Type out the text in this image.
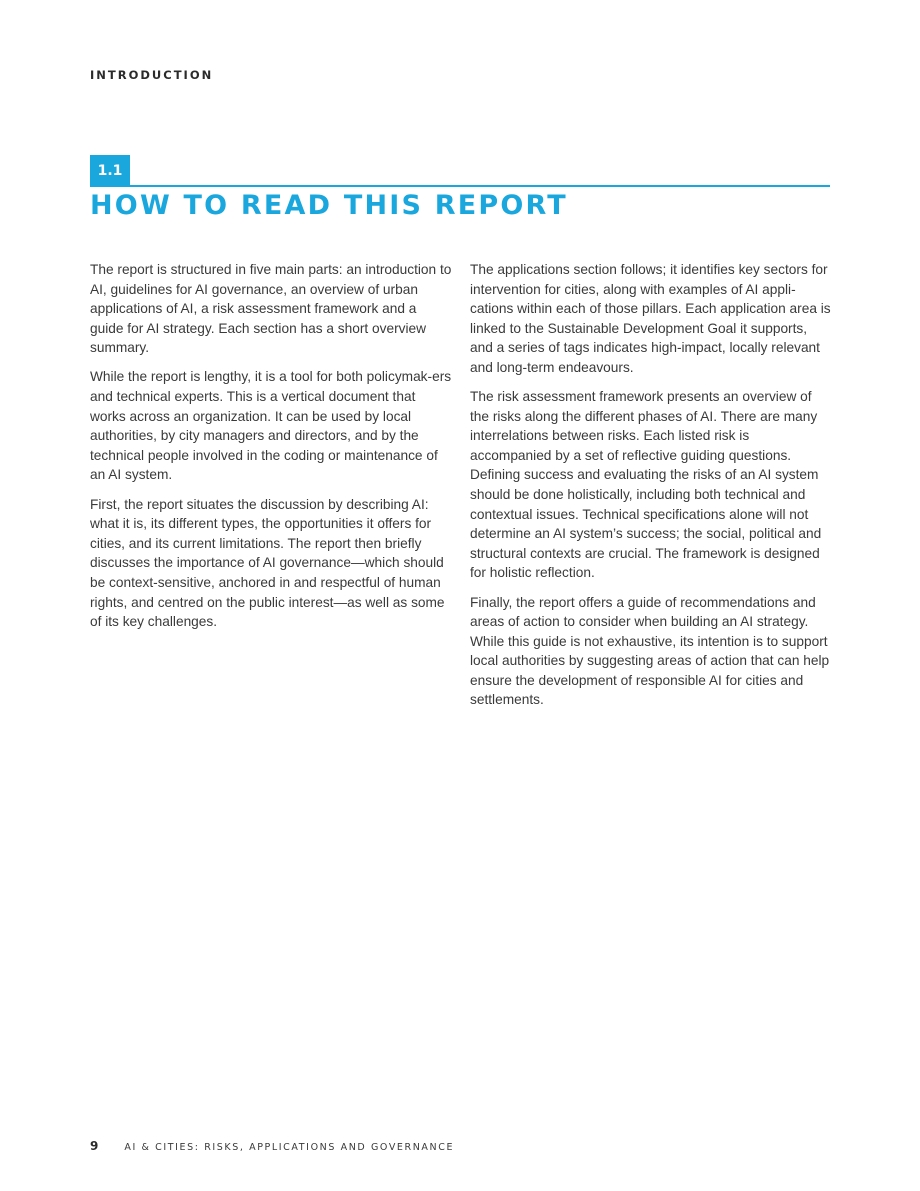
INTRODUCTION
1.1
HOW TO READ THIS REPORT

The report is structured in five main parts: an introduction to AI, guidelines for AI governance, an overview of urban applications of AI, a risk assessment framework and a guide for AI strategy. Each section has a short overview summary.

While the report is lengthy, it is a tool for both policymak-ers and technical experts. This is a vertical document that works across an organization. It can be used by local authorities, by city managers and directors, and by the technical people involved in the coding or maintenance of an AI system.

First, the report situates the discussion by describing AI: what it is, its different types, the opportunities it offers for cities, and its current limitations. The report then briefly discusses the importance of AI governance—which should be context-sensitive, anchored in and respectful of human rights, and centred on the public interest—as well as some of its key challenges.

The applications section follows; it identifies key sectors for intervention for cities, along with examples of AI appli-cations within each of those pillars. Each application area is linked to the Sustainable Development Goal it supports, and a series of tags indicates high-impact, locally relevant and long-term endeavours.

The risk assessment framework presents an overview of the risks along the different phases of AI. There are many interrelations between risks. Each listed risk is accompanied by a set of reflective guiding questions. Defining success and evaluating the risks of an AI system should be done holistically, including both technical and contextual issues. Technical specifications alone will not determine an AI system’s success; the social, political and structural contexts are crucial. The framework is designed for holistic reflection.

Finally, the report offers a guide of recommendations and areas of action to consider when building an AI strategy. While this guide is not exhaustive, its intention is to support local authorities by suggesting areas of action that can help ensure the development of responsible AI for cities and settlements.

9	AI & CITIES: RISKS, APPLICATIONS AND GOVERNANCE
